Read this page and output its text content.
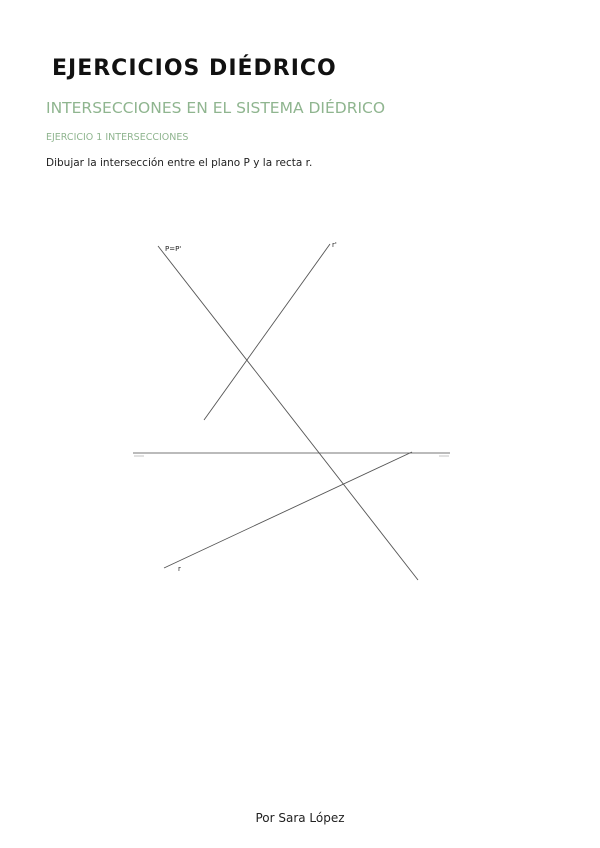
EJERCICIOS DIÉDRICO
INTERSECCIONES EN EL SISTEMA DIÉDRICO
EJERCICIO 1 INTERSECCIONES
Dibujar la intersección entre el plano P y la recta r.
P=P'	r'
r
Por Sara López
